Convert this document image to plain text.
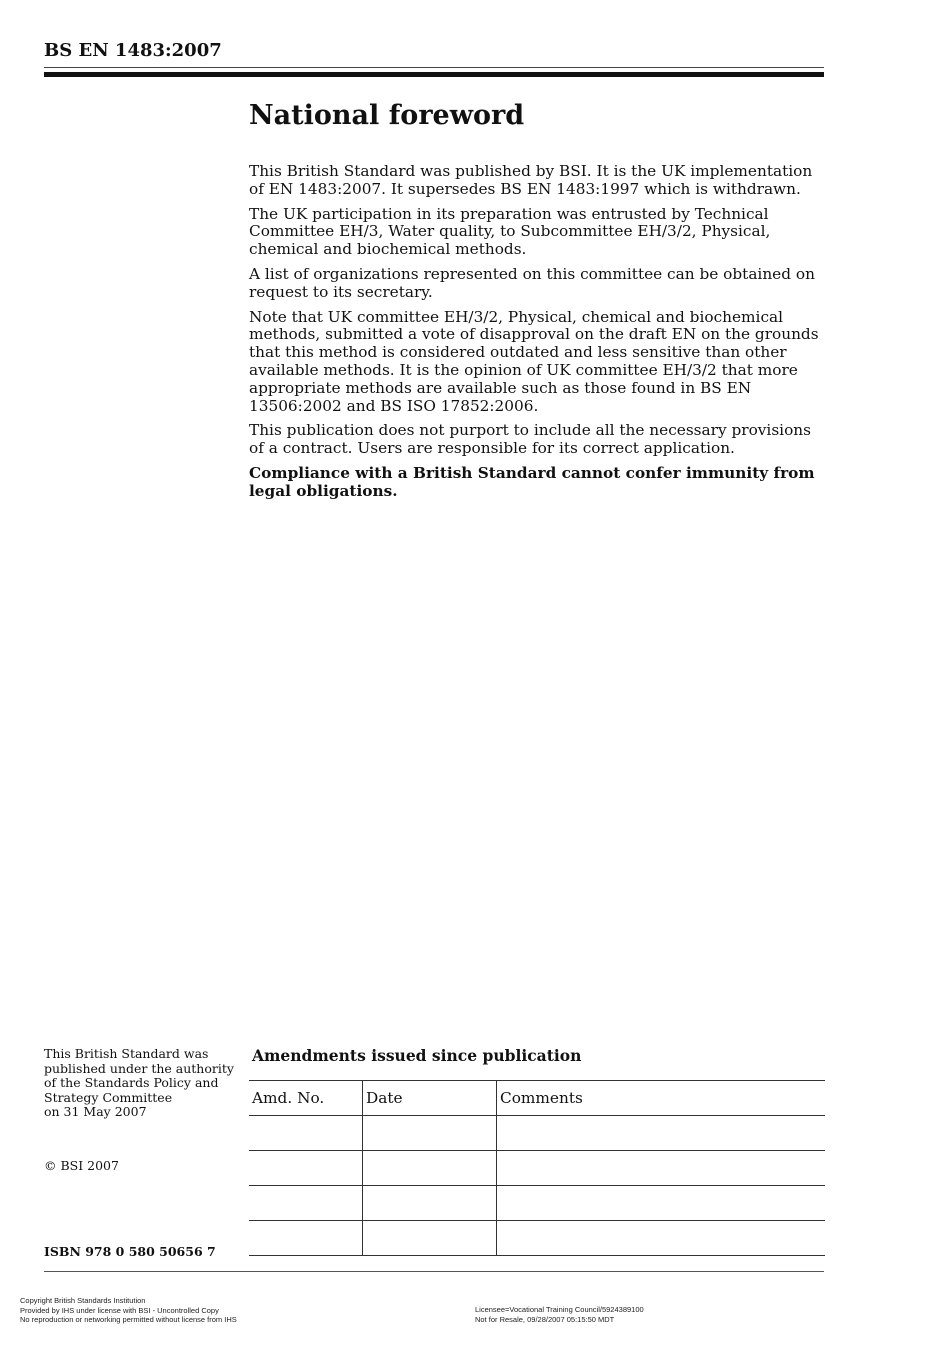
BS EN 1483:2007
National foreword

This British Standard was published by BSI. It is the UK implementation of EN 1483:2007. It supersedes BS EN 1483:1997 which is withdrawn.

The UK participation in its preparation was entrusted by Technical Committee EH/3, Water quality, to Subcommittee EH/3/2, Physical, chemical and biochemical methods.

A list of organizations represented on this committee can be obtained on request to its secretary.

Note that UK committee EH/3/2, Physical, chemical and biochemical methods, submitted a vote of disapproval on the draft EN on the grounds that this method is considered outdated and less sensitive than other available methods. It is the opinion of UK committee EH/3/2 that more appropriate methods are available such as those found in BS EN 13506:2002 and BS ISO 17852:2006.

This publication does not purport to include all the necessary provisions of a contract. Users are responsible for its correct application.

Compliance with a British Standard cannot confer immunity from legal obligations.

This British Standard was
published under the authority
of the Standards Policy and
Strategy Committee
on 31 May 2007
© BSI 2007
ISBN 978 0 580 50656 7
Amendments issued since publication
Amd. No.	Date	Comments

Copyright British Standards Institution
Provided by IHS under license with BSI - Uncontrolled Copy
No reproduction or networking permitted without license from IHS
Licensee=Vocational Training Council/5924389100
Not for Resale, 09/28/2007 05:15:50 MDT
